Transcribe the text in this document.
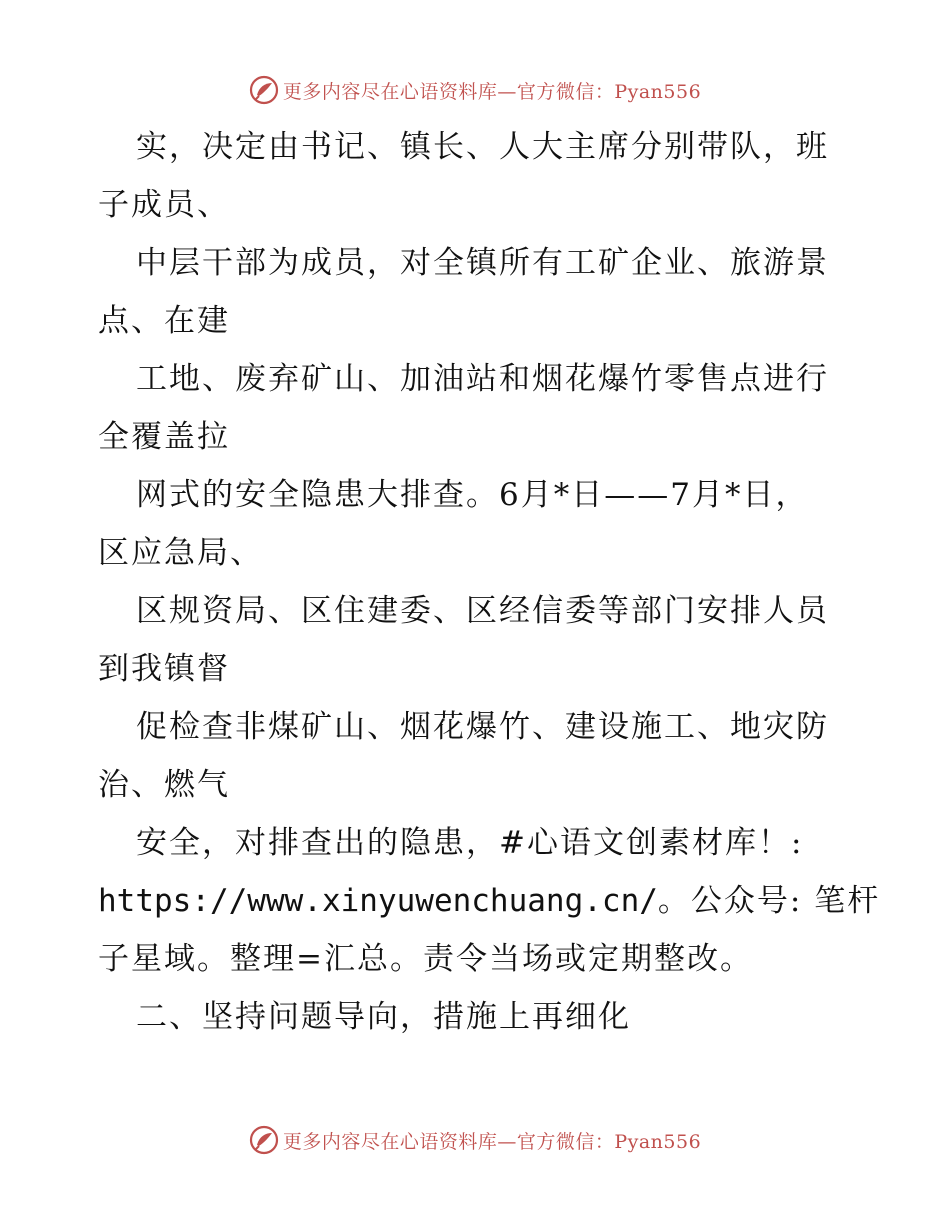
更多内容尽在心语资料库—官方微信：Pyan556
实，决定由书记、镇长、人大主席分别带队，班
子成员、
中层干部为成员，对全镇所有工矿企业、旅游景
点、在建
工地、废弃矿山、加油站和烟花爆竹零售点进行
全覆盖拉
网式的安全隐患大排查。6月*日——7月*日，
区应急局、
区规资局、区住建委、区经信委等部门安排人员
到我镇督
促检查非煤矿山、烟花爆竹、建设施工、地灾防
治、燃气
安全，对排查出的隐患，#心语文创素材库！:
https://www.xinyuwenchuang.cn/。公众号: 笔杆
子星域。整理=汇总。责令当场或定期整改。
二、坚持问题导向，措施上再细化
更多内容尽在心语资料库—官方微信：Pyan556
